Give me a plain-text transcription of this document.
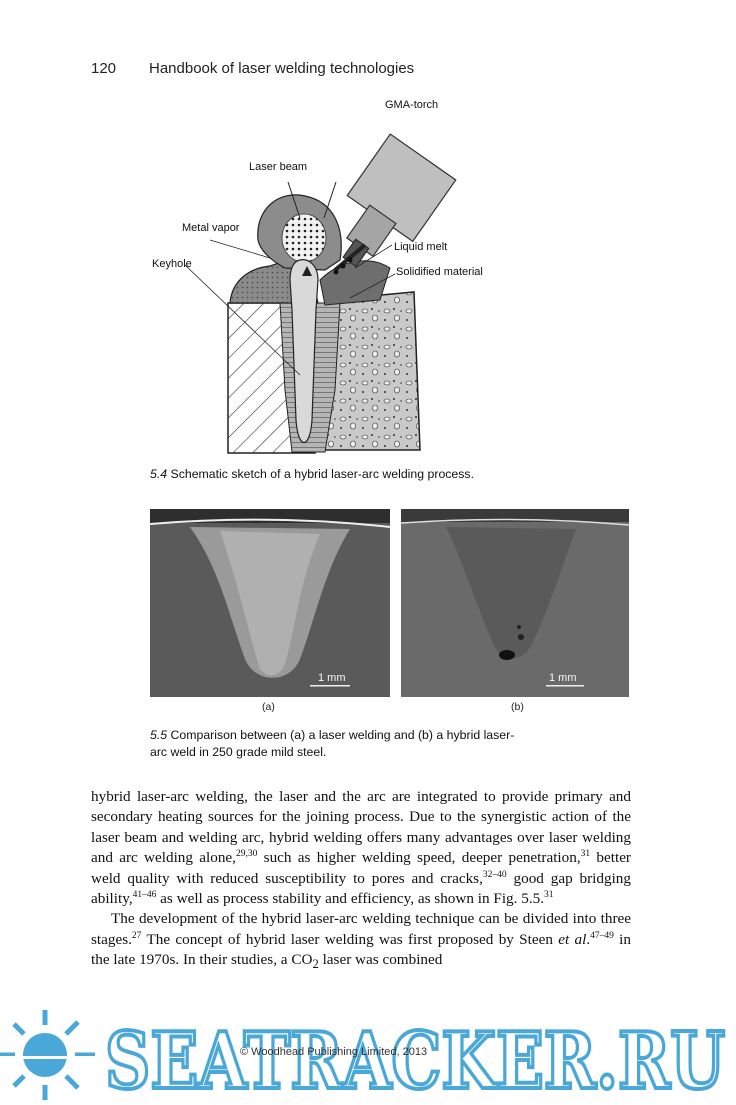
120 Handbook of laser welding technologies
GMA-torch
Laser beam
Metal vapor
Liquid melt
Keyhole
Solidified material
5.4 Schematic sketch of a hybrid laser-arc welding process.
1 mm	1 mm
(a)	(b)
5.5 Comparison between (a) a laser welding and (b) a hybrid laser-
arc weld in 250 grade mild steel.

hybrid laser-arc welding, the laser and the arc are integrated to provide primary and secondary heating sources for the joining process. Due to the synergistic action of the laser beam and welding arc, hybrid welding offers many advantages over laser welding and arc welding alone,$^{29,30}$ such as higher welding speed, deeper penetration,$^{31}$ better weld quality with reduced susceptibility to pores and cracks,$^{32-40}$ good gap bridging ability,$^{41-46}$ as well as process stability and efficiency, as shown in Fig. 5.5.31

The development of the hybrid laser-arc welding technique can be divided into three stages.$^{27}$ The concept of hybrid laser welding was first proposed by Steen et al.$^{47-49}$ in the late 1970s. In their studies, a $CO_2$ laser was combined

SEATRACKER.RU
© Woodhead Publishing Limited, 2013
